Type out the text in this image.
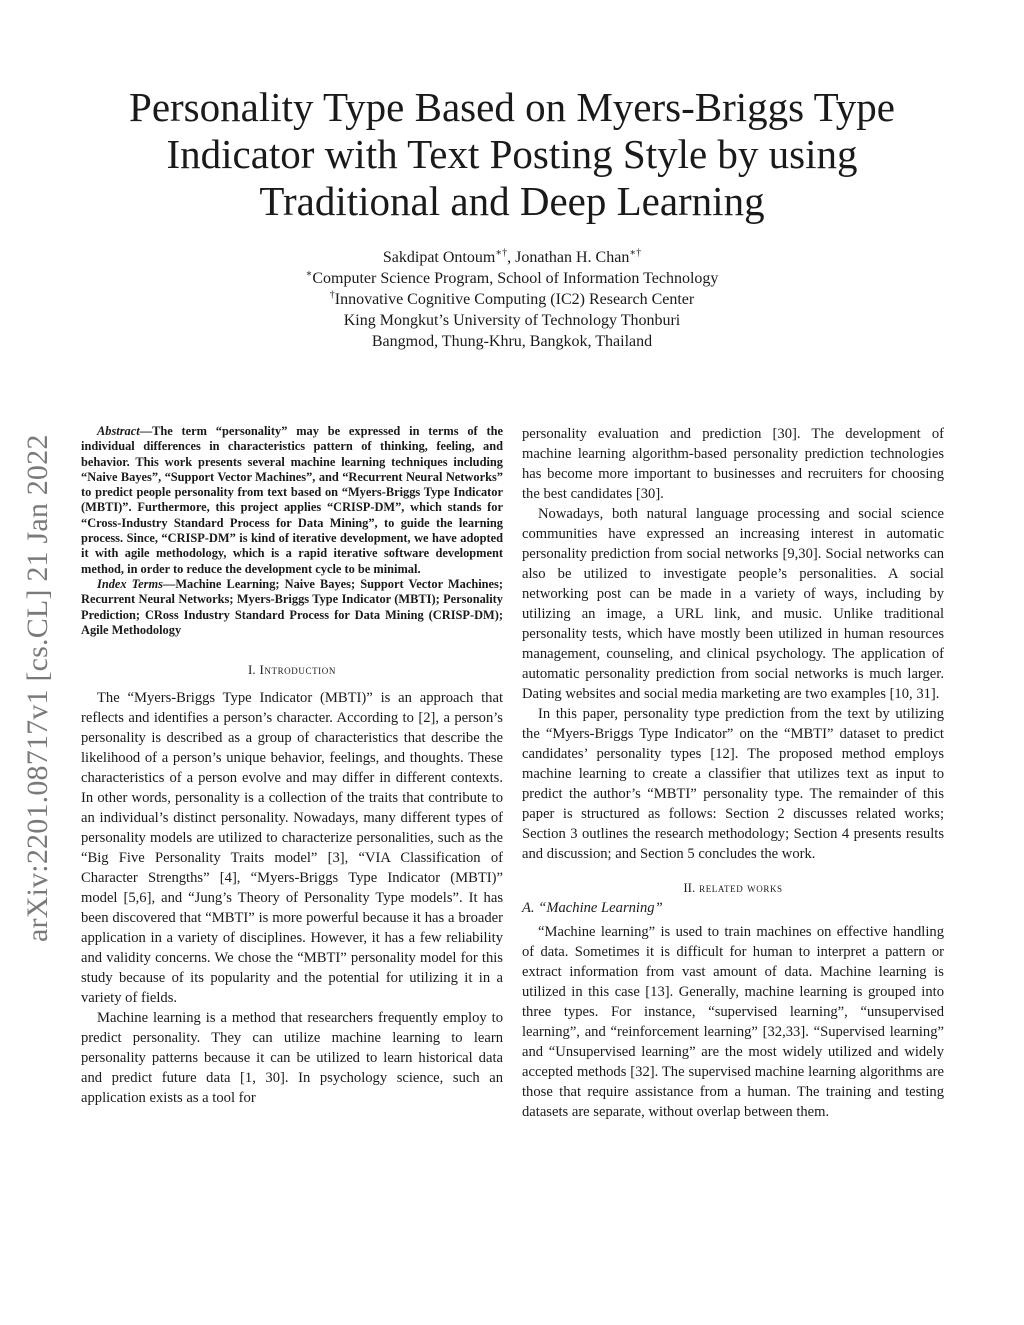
arXiv:2201.08717v1 [cs.CL] 21 Jan 2022
Personality Type Based on Myers-Briggs Type
Indicator with Text Posting Style by using
Traditional and Deep Learning
Sakdipat Ontoum∗†, Jonathan H. Chan∗†
∗Computer Science Program, School of Information Technology
†Innovative Cognitive Computing (IC2) Research Center
King Mongkut’s University of Technology Thonburi
Bangmod, Thung-Khru, Bangkok, Thailand

Abstract—The term “personality” may be expressed in terms of the individual differences in characteristics pattern of thinking, feeling, and behavior. This work presents several machine learning techniques including “Naive Bayes”, “Support Vector Machines”, and “Recurrent Neural Networks” to predict people personality from text based on “Myers-Briggs Type Indicator (MBTI)”. Furthermore, this project applies “CRISP-DM”, which stands for “Cross-Industry Standard Process for Data Mining”, to guide the learning process. Since, “CRISP-DM” is kind of iterative development, we have adopted it with agile methodology, which is a rapid iterative software development method, in order to reduce the development cycle to be minimal.

Index Terms—Machine Learning; Naive Bayes; Support Vector Machines; Recurrent Neural Networks; Myers-Briggs Type Indicator (MBTI); Personality Prediction; CRoss Industry Standard Process for Data Mining (CRISP-DM); Agile Methodology

I. Introduction

The “Myers-Briggs Type Indicator (MBTI)” is an approach that reflects and identifies a person’s character. According to [2], a person’s personality is described as a group of characteristics that describe the likelihood of a person’s unique behavior, feelings, and thoughts. These characteristics of a person evolve and may differ in different contexts. In other words, personality is a collection of the traits that contribute to an individual’s distinct personality. Nowadays, many different types of personality models are utilized to characterize personalities, such as the “Big Five Personality Traits model” [3], “VIA Classification of Character Strengths” [4], “Myers-Briggs Type Indicator (MBTI)” model [5,6], and “Jung’s Theory of Personality Type models”. It has been discovered that “MBTI” is more powerful because it has a broader application in a variety of disciplines. However, it has a few reliability and validity concerns. We chose the “MBTI” personality model for this study because of its popularity and the potential for utilizing it in a variety of fields.

Machine learning is a method that researchers frequently employ to predict personality. They can utilize machine learning to learn personality patterns because it can be utilized to learn historical data and predict future data [1, 30]. In psychology science, such an application exists as a tool for

personality evaluation and prediction [30]. The development of machine learning algorithm-based personality prediction technologies has become more important to businesses and recruiters for choosing the best candidates [30].

Nowadays, both natural language processing and social science communities have expressed an increasing interest in automatic personality prediction from social networks [9,30]. Social networks can also be utilized to investigate people’s personalities. A social networking post can be made in a variety of ways, including by utilizing an image, a URL link, and music. Unlike traditional personality tests, which have mostly been utilized in human resources management, counseling, and clinical psychology. The application of automatic personality prediction from social networks is much larger. Dating websites and social media marketing are two examples [10, 31].

In this paper, personality type prediction from the text by utilizing the “Myers-Briggs Type Indicator” on the “MBTI” dataset to predict candidates’ personality types [12]. The proposed method employs machine learning to create a classifier that utilizes text as input to predict the author’s “MBTI” personality type. The remainder of this paper is structured as follows: Section 2 discusses related works; Section 3 outlines the research methodology; Section 4 presents results and discussion; and Section 5 concludes the work.

II. related works

A. “Machine Learning”

“Machine learning” is used to train machines on effective handling of data. Sometimes it is difficult for human to interpret a pattern or extract information from vast amount of data. Machine learning is utilized in this case [13]. Generally, machine learning is grouped into three types. For instance, “supervised learning”, “unsupervised learning”, and “reinforcement learning” [32,33]. “Supervised learning” and “Unsupervised learning” are the most widely utilized and widely accepted methods [32]. The supervised machine learning algorithms are those that require assistance from a human. The training and testing datasets are separate, without overlap between them.
